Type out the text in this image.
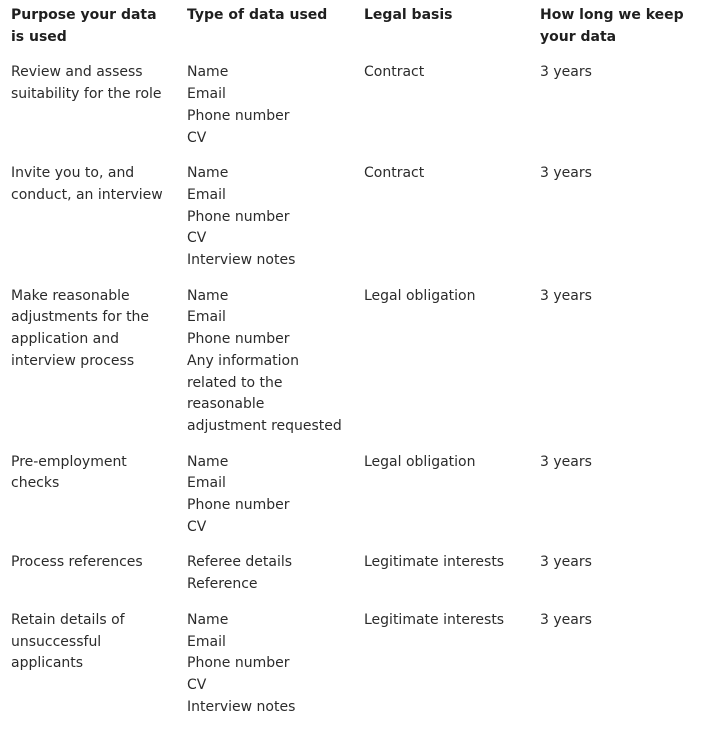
Purpose your data is used	Type of data used	Legal basis	How long we keep your data

Review and assess suitability for the role	Name
Email
Phone number
CV	Contract	3 years

Invite you to, and conduct, an interview	Name
Email
Phone number
CV
Interview notes	Contract	3 years

Make reasonable adjustments for the application and interview process	Name
Email
Phone number
Any information related to the reasonable adjustment requested	Legal obligation	3 years

Pre-employment checks	Name
Email
Phone number
CV	Legal obligation	3 years

Process references	Referee details
Reference	Legitimate interests	3 years

Retain details of unsuccessful applicants	Name
Email
Phone number
CV
Interview notes	Legitimate interests	3 years
